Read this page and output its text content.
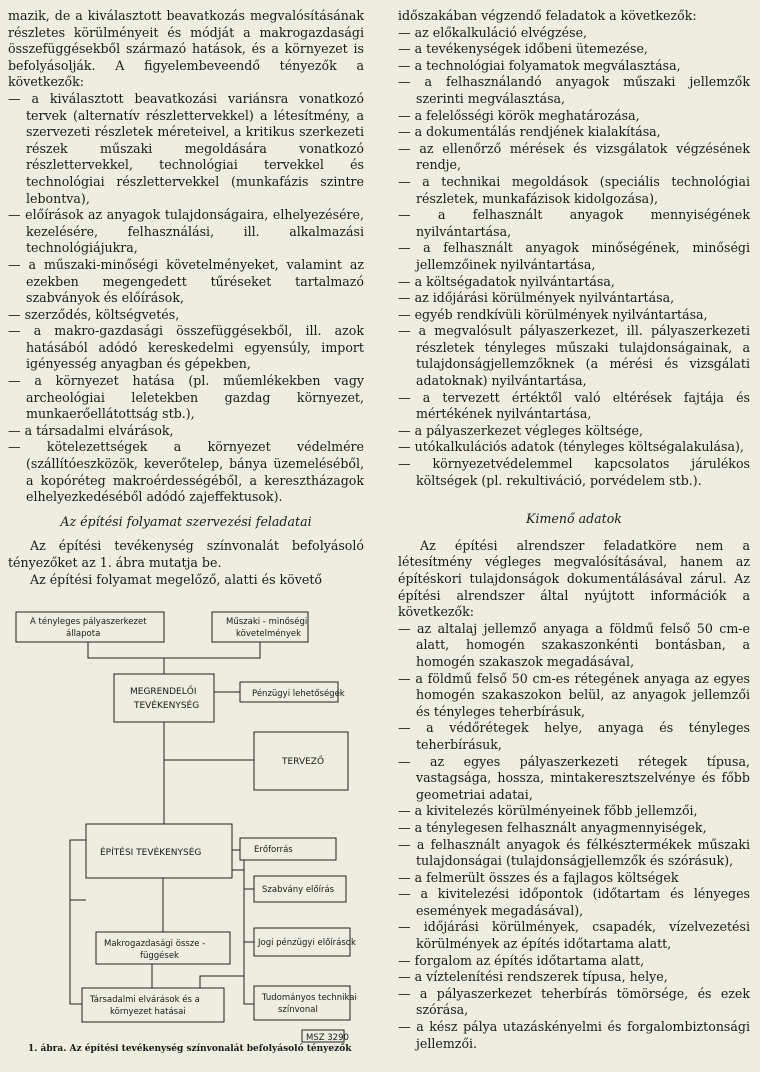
mazik, de a kiválasztott beavatkozás megvalósításának részletes körülményeit és módját a makrogazdasági összefüggésekből származó hatások, és a környezet is befolyásolják. A figyelembeveendő tényezők a következők:

— a kiválasztott beavatkozási variánsra vonatkozó tervek (alternatív részlettervekkel) a létesítmény, a szervezeti részletek méreteivel, a kritikus szerkezeti részek műszaki megoldására vonatkozó részlettervekkel, technológiai tervekkel és technológiai részlettervekkel (munkafázis szintre lebontva),

— előírások az anyagok tulajdonságaira, elhelyezésére, kezelésére, felhasználási, ill. alkalmazási technológiájukra,

— a műszaki-minőségi követelményeket, valamint az ezekben megengedett tűréseket tartalmazó szabványok és előírások,

— szerződés, költségvetés,

— a makro-gazdasági összefüggésekből, ill. azok hatásából adódó kereskedelmi egyensúly, import igényesség anyagban és gépekben,

— a környezet hatása (pl. műemlékekben vagy archeológiai leletekben gazdag környezet, munkaerőellátottság stb.),

— a társadalmi elvárások,

— kötelezettségek a környezet védelmére (szállítóeszközök, keverőtelep, bánya üzemeléséből, a kopóréteg makroérdességéből, a keresztházagok elhelyezkedéséből adódó zajeffektusok).

Az építési folyamat szervezési feladatai

Az építési tevékenység színvonalát befolyásoló tényezőket az 1. ábra mutatja be.

Az építési folyamat megelőző, alatti és követő

A tényleges pályaszerkezet
állapota
Műszaki - minőségi
követelmények
Pénzügyi lehetőségek
Erőforrás
Szabvány előírás
Makrogazdasági össze -
függések
Jogi pénzügyi előírások
Társadalmi elvárások és a
környezet hatásai
Tudományos technikai
színvonal
MSZ 3290
MEGRENDELŐI
TEVÉKENYSÉG
TERVEZŐ
ÉPÍTÉSI TEVÉKENYSÉG
1. ábra. Az építési tevékenység színvonalát befolyásoló tényezők

időszakában végzendő feladatok a következők:

— az előkalkuláció elvégzése,

— a tevékenységek időbeni ütemezése,

— a technológiai folyamatok megválasztása,

— a felhasználandó anyagok műszaki jellemzők szerinti megválasztása,

— a felelősségi körök meghatározása,

— a dokumentálás rendjének kialakítása,

— az ellenőrző mérések és vizsgálatok végzésének rendje,

— a technikai megoldások (speciális technológiai részletek, munkafázisok kidolgozása),

— a felhasznált anyagok mennyiségének nyilvántartása,

— a felhasznált anyagok minőségének, minőségi jellemzőinek nyilvántartása,

— a költségadatok nyilvántartása,

— az időjárási körülmények nyilvántartása,

— egyéb rendkívüli körülmények nyilvántartása,

— a megvalósult pályaszerkezet, ill. pályaszerkezeti részletek tényleges műszaki tulajdonságainak, a tulajdonságjellemzőknek (a mérési és vizsgálati adatoknak) nyilvántartása,

— a tervezett értéktől való eltérések fajtája és mértékének nyilvántartása,

— a pályaszerkezet végleges költsége,

— utókalkulációs adatok (tényleges költségalakulása),

— környezetvédelemmel kapcsolatos járulékos költségek (pl. rekultiváció, porvédelem stb.).

Kimenő adatok

Az építési alrendszer feladatköre nem a létesítmény végleges megvalósításával, hanem az építéskori tulajdonságok dokumentálásával zárul. Az építési alrendszer által nyújtott információk a következők:

— az altalaj jellemző anyaga a földmű felső 50 cm-e alatt, homogén szakaszonkénti bontásban, a homogén szakaszok megadásával,

— a földmű felső 50 cm-es rétegének anyaga az egyes homogén szakaszokon belül, az anyagok jellemzői és tényleges teherbírásuk,

— a védőrétegek helye, anyaga és tényleges teherbírásuk,

— az egyes pályaszerkezeti rétegek típusa, vastagsága, hossza, mintakeresztszelvénye és főbb geometriai adatai,

— a kivitelezés körülményeinek főbb jellemzői,

— a ténylegesen felhasznált anyagmennyiségek,

— a felhasznált anyagok és félkésztermékek műszaki tulajdonságai (tulajdonságjellemzők és szórásuk),

— a felmerült összes és a fajlagos költségek

— a kivitelezési időpontok (időtartam és lényeges események megadásával),

— időjárási körülmények, csapadék, vízelvezetési körülmények az építés időtartama alatt,

— forgalom az építés időtartama alatt,

— a víztelenítési rendszerek típusa, helye,

— a pályaszerkezet teherbírás tömörsége, és ezek szórása,

— a kész pálya utazáskényelmi és forgalombiztonsági jellemzői.
